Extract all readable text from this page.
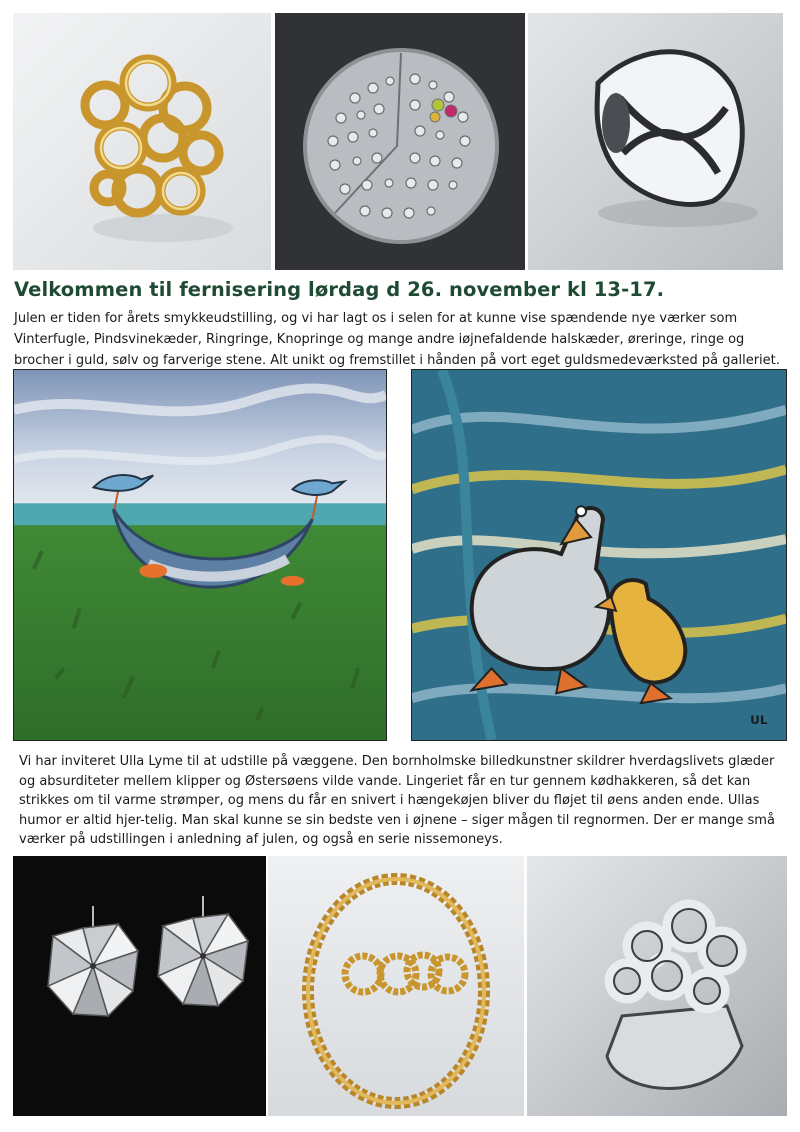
Velkommen til fernisering lørdag d 26. november kl 13-17.
Julen er tiden for årets smykkeudstilling, og vi har lagt os i selen for at kunne vise spændende nye værker som Vinterfugle, Pindsvinekæder, Ringringe, Knopringe og mange andre iøjnefaldende halskæder, øreringe, ringe og brocher i guld, sølv og farverige stene. Alt unikt og fremstillet i hånden på vort eget guldsmedeværksted på galleriet.
UL
Vi har inviteret Ulla Lyme til at udstille på væggene. Den bornholmske billedkunstner skildrer hverdagslivets glæder og absurditeter mellem klipper og Østersøens vilde vande. Lingeriet får en tur gennem kødhakkeren, så det kan strikkes om til varme strømper, og mens du får en snivert i hængekøjen bliver du fløjet til øens anden ende. Ullas humor er altid hjer-telig. Man skal kunne se sin bedste ven i øjnene – siger mågen til regnormen. Der er mange små værker på udstillingen i anledning af julen, og også en serie nissemoneys.
